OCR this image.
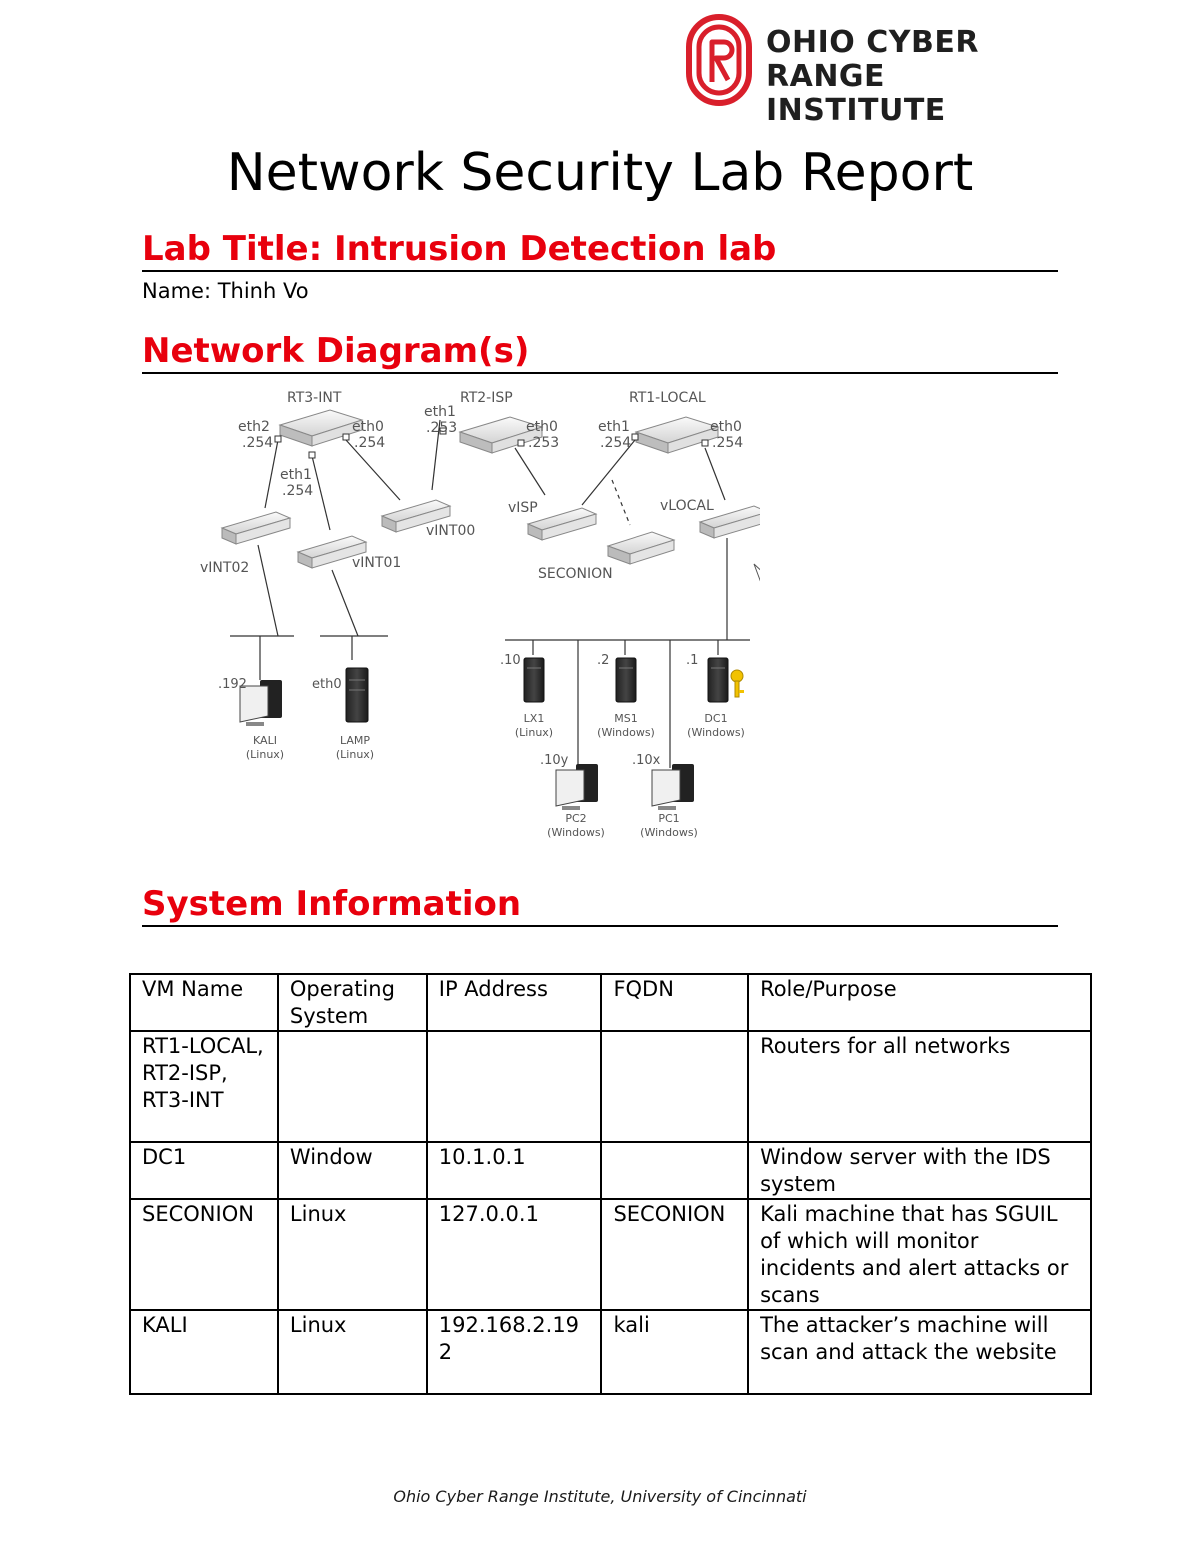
OHIO CYBER
RANGE INSTITUTE
Network Security Lab Report
Lab Title: Intrusion Detection lab
Name: Thinh Vo
Network Diagram(s)
RT3-INT	RT2-ISP	RT1-LOCAL
eth2
.254
eth0
.254
eth1
.254
eth1
.253	eth0
.253
eth1
.254
eth0
.254
vINT02	vINT01
vINT00
vISP	vLOCAL
SECONION
.192	eth0
.10	.2	.1
.10y	.10x
KALI
(Linux)
LAMP
(Linux)
LX1
(Linux)
MS1
(Windows)
DC1
(Windows)
PC2
(Windows)
PC1
(Windows)
System Information
VM Name	Operating System	IP Address	FQDN	Role/Purpose
RT1-LOCAL, RT2-ISP, RT3-INT				Routers for all networks
DC1	Window	10.1.0.1		Window server with the IDS system
SECONION	Linux	127.0.0.1	SECONION	Kali machine that has SGUIL of which will monitor incidents and alert attacks or scans
KALI	Linux	192.168.2.192	kali	The attacker’s machine will scan and attack the website
Ohio Cyber Range Institute, University of Cincinnati
